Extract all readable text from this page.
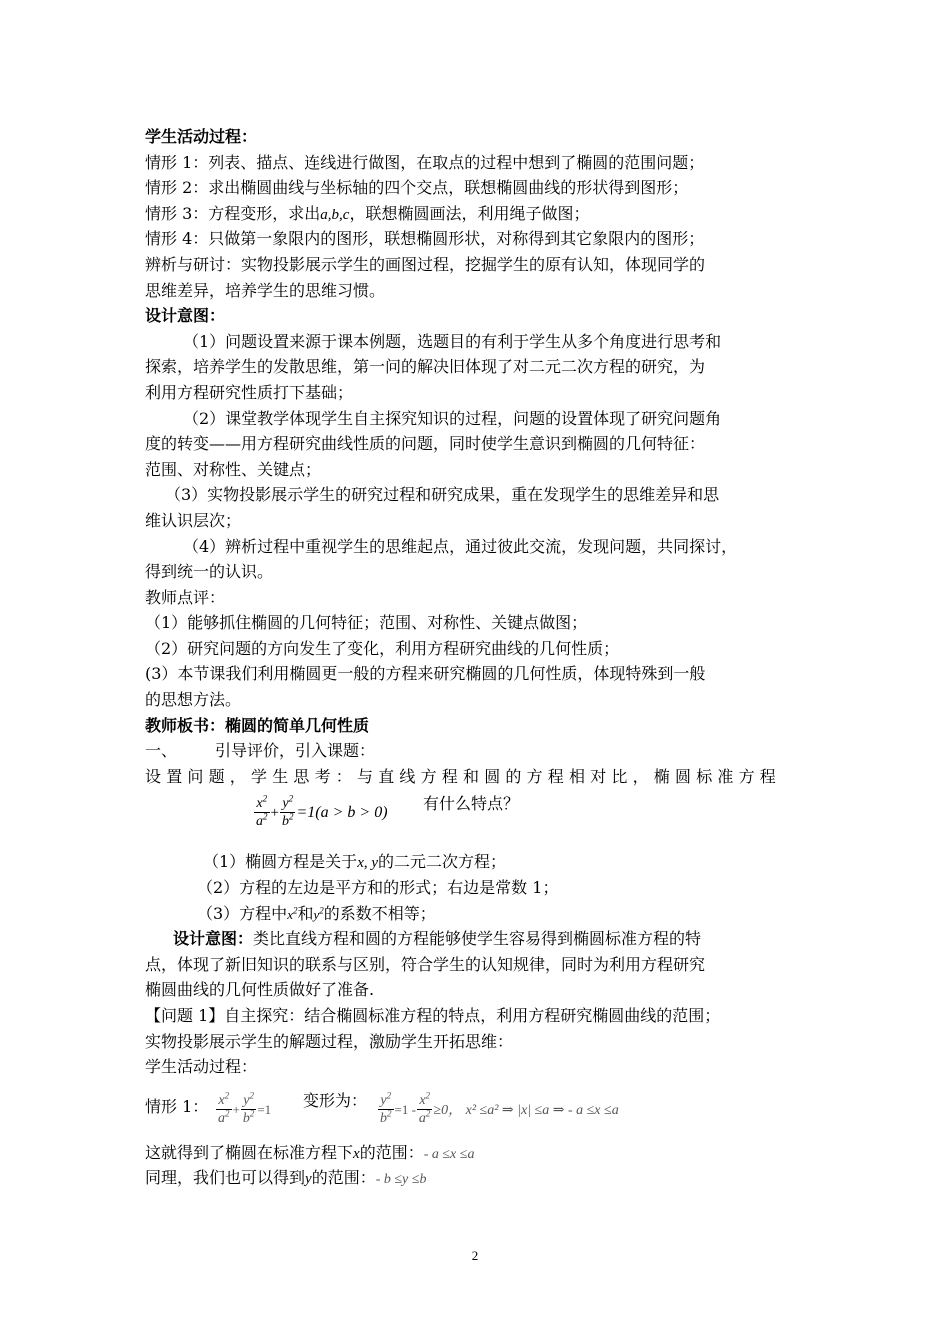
学生活动过程：
情形 1：列表、描点、连线进行做图，在取点的过程中想到了椭圆的范围问题；
情形 2：求出椭圆曲线与坐标轴的四个交点，联想椭圆曲线的形状得到图形；
情形 3：方程变形，求出a,b,c，联想椭圆画法，利用绳子做图；
情形 4：只做第一象限内的图形，联想椭圆形状，对称得到其它象限内的图形；
辨析与研讨：实物投影展示学生的画图过程，挖掘学生的原有认知，体现同学的
思维差异，培养学生的思维习惯。
设计意图：
（1）问题设置来源于课本例题，选题目的有利于学生从多个角度进行思考和
探索，培养学生的发散思维，第一问的解决旧体现了对二元二次方程的研究，为
利用方程研究性质打下基础；
（2）课堂教学体现学生自主探究知识的过程，问题的设置体现了研究问题角
度的转变——用方程研究曲线性质的问题，同时使学生意识到椭圆的几何特征：
范围、对称性、关键点；
（3）实物投影展示学生的研究过程和研究成果，重在发现学生的思维差异和思
维认识层次；
（4）辨析过程中重视学生的思维起点，通过彼此交流，发现问题，共同探讨，
得到统一的认识。
教师点评：
（1）能够抓住椭圆的几何特征；范围、对称性、关键点做图；
（2）研究问题的方向发生了变化，利用方程研究曲线的几何性质；
(3）本节课我们利用椭圆更一般的方程来研究椭圆的几何性质，体现特殊到一般
的思想方法。
教师板书：椭圆的简单几何性质
一、 引导评价，引入课题：
设置问题，学生思考：与直线方程和圆的方程相对比，椭圆标准方程
$\frac{x^2}{a^2} + \frac{y^2}{b^2} =1(a > b > 0)$ 有什么特点？
（1）椭圆方程是关于x, y的二元二次方程；
（2）方程的左边是平方和的形式；右边是常数 1；
（3）方程中$x^2$和$y^2$的系数不相等；
设计意图：类比直线方程和圆的方程能够使学生容易得到椭圆标准方程的特
点，体现了新旧知识的联系与区别，符合学生的认知规律，同时为利用方程研究
椭圆曲线的几何性质做好了准备.
【问题 1】自主探究：结合椭圆标准方程的特点，利用方程研究椭圆曲线的范围；
实物投影展示学生的解题过程，激励学生开拓思维：
学生活动过程：
情形 1： $\frac{x^2}{a^2} + \frac{y^2}{b^2} =1$ 变形为： $\frac{y^2}{b^2} =1 - \frac{x^2}{a^2} \ge 0$， x² ≤a² ⇒ |x| ≤a ⇒ - a ≤x ≤a
这就得到了椭圆在标准方程下x的范围：- a ≤x ≤a
同理，我们也可以得到y的范围：- b ≤y ≤b
2
